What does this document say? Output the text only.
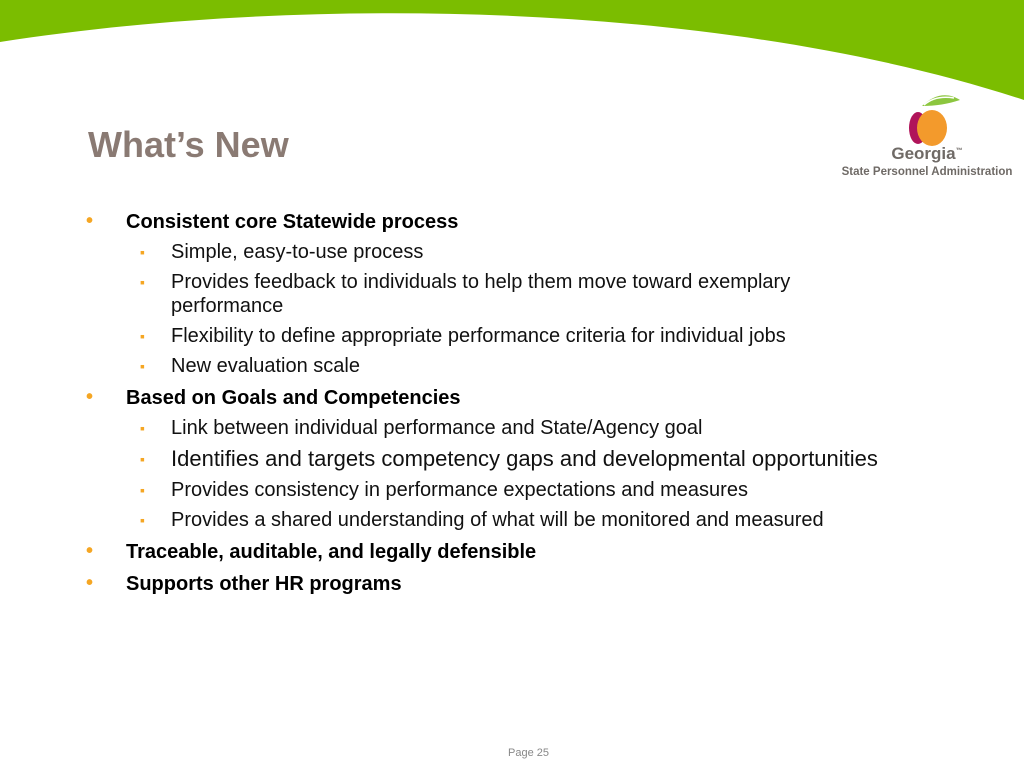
What’s New	Georgia™
State Personnel Administration
• Consistent core Statewide process
▪ Simple, easy-to-use process
▪ Provides feedback to individuals to help them move toward exemplary performance
▪ Flexibility to define appropriate performance criteria for individual jobs
▪ New evaluation scale
• Based on Goals and Competencies
▪ Link between individual performance and State/Agency goal
▪ Identifies and targets competency gaps and developmental opportunities
▪ Provides consistency in performance expectations and measures
▪ Provides a shared understanding of what will be monitored and measured
• Traceable, auditable, and legally defensible
• Supports other HR programs
Page 25
